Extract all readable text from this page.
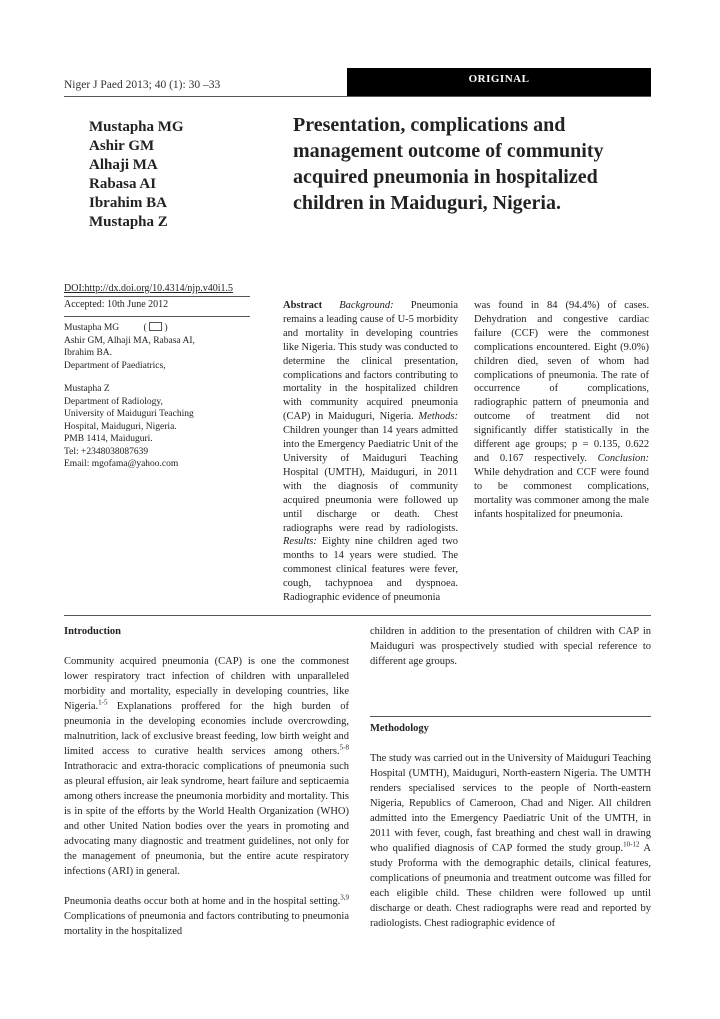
Niger J Paed 2013; 40 (1): 30 –33	ORIGINAL
Mustapha MG
Ashir GM
Alhaji MA
Rabasa AI
Ibrahim BA
Mustapha Z
Presentation, complications and
management outcome of community
acquired pneumonia in hospitalized
children in Maiduguri, Nigeria.
DOI:http://dx.doi.org/10.4314/njp.v40i1.5
Accepted: 10th June 2012

Mustapha MG (  )

Ashir GM, Alhaji MA, Rabasa AI,

Ibrahim BA.

Department of Paediatrics,

Mustapha Z

Department of Radiology,

University of Maiduguri Teaching

Hospital, Maiduguri, Nigeria.

PMB 1414, Maiduguri.

Tel: +2348038087639

Email: mgofama@yahoo.com

Abstract Background: Pneumonia remains a leading cause of U-5 morbidity and mortality in developing countries like Nigeria. This study was conducted to determine the clinical presentation, complications and factors contributing to mortality in the hospitalized children with community acquired pneumonia (CAP) in Maiduguri, Nigeria. Methods: Children younger than 14 years admitted into the Emergency Paediatric Unit of the University of Maiduguri Teaching Hospital (UMTH), Maiduguri, in 2011 with the diagnosis of community acquired pneumonia were followed up until discharge or death. Chest radiographs were read by radiologists. Results: Eighty nine children aged two months to 14 years were studied. The commonest clinical features were fever, cough, tachypnoea and dyspnoea. Radiographic evidence of pneumonia

was found in 84 (94.4%) of cases. Dehydration and congestive cardiac failure (CCF) were the commonest complications encountered. Eight (9.0%) children died, seven of whom had complications of pneumonia. The rate of occurrence	of	complications, radiographic pattern of pneumonia and outcome of treatment did not significantly differ statistically in the different age groups; p = 0.135, 0.622 and 0.167 respectively. Conclusion: While dehydration and CCF were found to be commonest complications, mortality was commoner among the male infants hospitalized for pneumonia.

Introduction

Community acquired pneumonia (CAP) is one the commonest lower respiratory tract infection of children with unparalleled morbidity and mortality, especially in developing countries, like Nigeria.$^{1-5}$ Explanations proffered for the high burden of pneumonia in the developing economies include overcrowding, malnutrition, lack of exclusive breast feeding, low birth weight and limited access to curative health services among others.$^{5-8}$ Intrathoracic and extra-thoracic complications of pneumonia such as pleural effusion, air leak syndrome, heart failure and septicaemia among others increase the pneumonia morbidity and mortality. This is in spite of the efforts by the World Health Organization (WHO) and other United Nation bodies over the years in promoting and advocating many diagnostic and treatment guidelines, not only for the management of pneumonia, but the entire acute respiratory infections (ARI) in general.

Pneumonia deaths occur both at home and in the hospital setting.$^{3,9}$ Complications of pneumonia and factors contributing to pneumonia mortality in the hospitalized

children in addition to the presentation of children with CAP in Maiduguri was prospectively studied with special reference to different age groups.

Methodology

The study was carried out in the University of Maiduguri Teaching Hospital (UMTH), Maiduguri, North-eastern Nigeria. The UMTH renders specialised services to the people of North-eastern Nigeria, Republics of Cameroon, Chad and Niger. All children admitted into the Emergency Paediatric Unit of the UMTH, in 2011 with fever, cough, fast breathing and chest wall in drawing who qualified diagnosis of CAP formed the study group.$^{10-12}$ A study Proforma with the demographic details, clinical features, complications of pneumonia and treatment outcome was filled for each eligible child. These children were followed up until discharge or death. Chest radiographs were read and reported by radiologists. Chest radiographic evidence of
